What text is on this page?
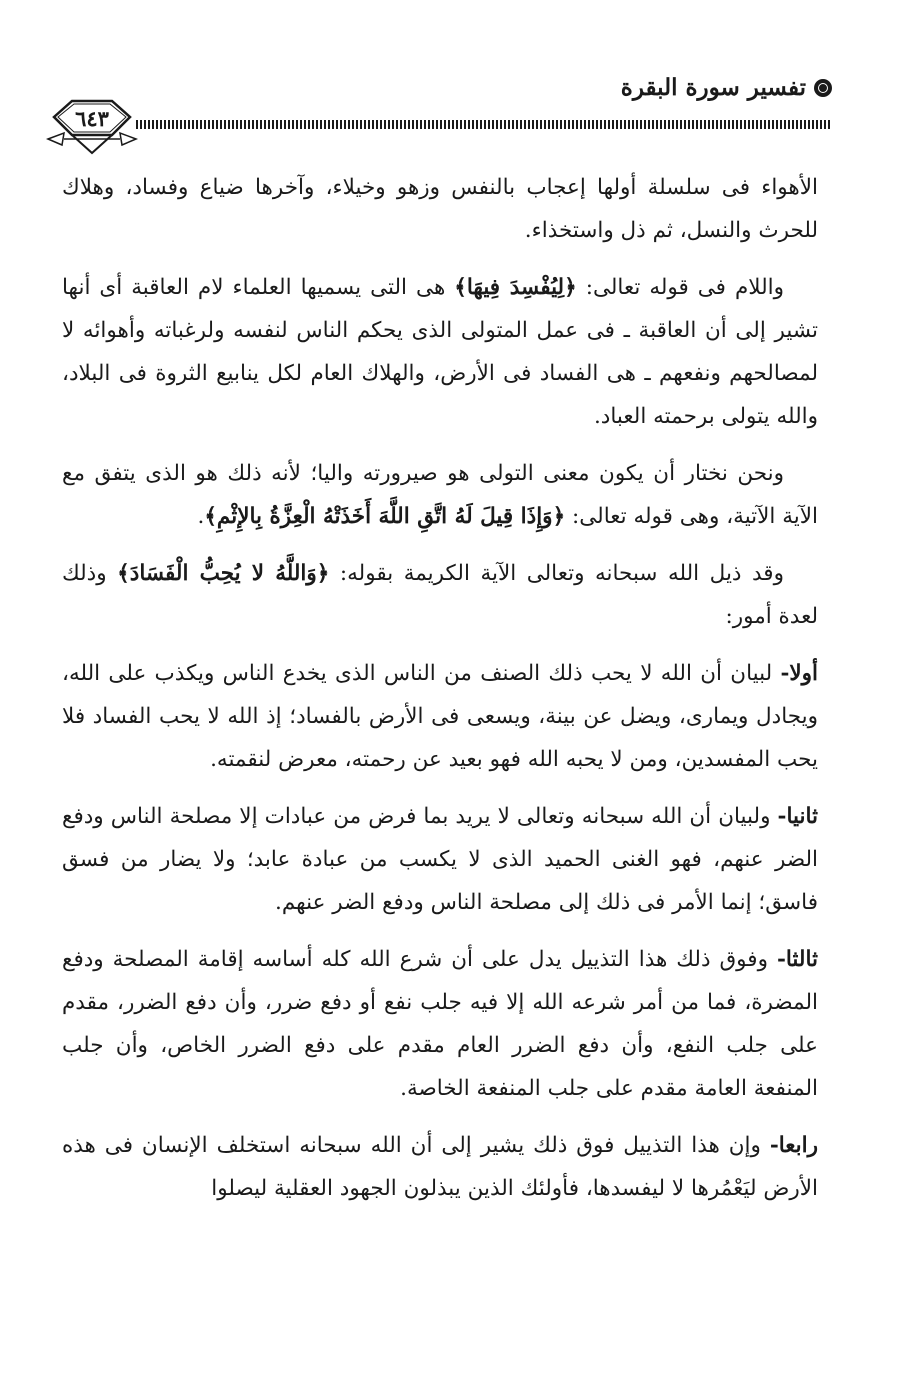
تفسير سورة البقرة
٦٤٣

الأهواء فى سلسلة أولها إعجاب بالنفس وزهو وخيلاء، وآخرها ضياع وفساد، وهلاك للحرث والنسل، ثم ذل واستخذاء.

واللام فى قوله تعالى: ﴿لِيُفْسِدَ فِيهَا﴾ هى التى يسميها العلماء لام العاقبة أى أنها تشير إلى أن العاقبة ـ فى عمل المتولى الذى يحكم الناس لنفسه ولرغباته وأهوائه لا لمصالحهم ونفعهم ـ هى الفساد فى الأرض، والهلاك العام لكل ينابيع الثروة فى البلاد، والله يتولى برحمته العباد.

ونحن نختار أن يكون معنى التولى هو صيرورته واليا؛ لأنه ذلك هو الذى يتفق مع الآية الآتية، وهى قوله تعالى: ﴿وَإِذَا قِيلَ لَهُ اتَّقِ اللَّهَ أَخَذَتْهُ الْعِزَّةُ بِالإِثْمِ﴾.

وقد ذيل الله سبحانه وتعالى الآية الكريمة بقوله: ﴿وَاللَّهُ لا يُحِبُّ الْفَسَادَ﴾ وذلك لعدة أمور:

أولا- لبيان أن الله لا يحب ذلك الصنف من الناس الذى يخدع الناس ويكذب على الله، ويجادل ويمارى، ويضل عن بينة، ويسعى فى الأرض بالفساد؛ إذ الله لا يحب الفساد فلا يحب المفسدين، ومن لا يحبه الله فهو بعيد عن رحمته، معرض لنقمته.

ثانيا- ولبيان أن الله سبحانه وتعالى لا يريد بما فرض من عبادات إلا مصلحة الناس ودفع الضر عنهم، فهو الغنى الحميد الذى لا يكسب من عبادة عابد؛ ولا يضار من فسق فاسق؛ إنما الأمر فى ذلك إلى مصلحة الناس ودفع الضر عنهم.

ثالثا- وفوق ذلك هذا التذييل يدل على أن شرع الله كله أساسه إقامة المصلحة ودفع المضرة، فما من أمر شرعه الله إلا فيه جلب نفع أو دفع ضرر، وأن دفع الضرر، مقدم على جلب النفع، وأن دفع الضرر العام مقدم على دفع الضرر الخاص، وأن جلب المنفعة العامة مقدم على جلب المنفعة الخاصة.

رابعا- وإن هذا التذييل فوق ذلك يشير إلى أن الله سبحانه استخلف الإنسان فى هذه الأرض ليَعْمُرها لا ليفسدها، فأولئك الذين يبذلون الجهود العقلية ليصلوا
